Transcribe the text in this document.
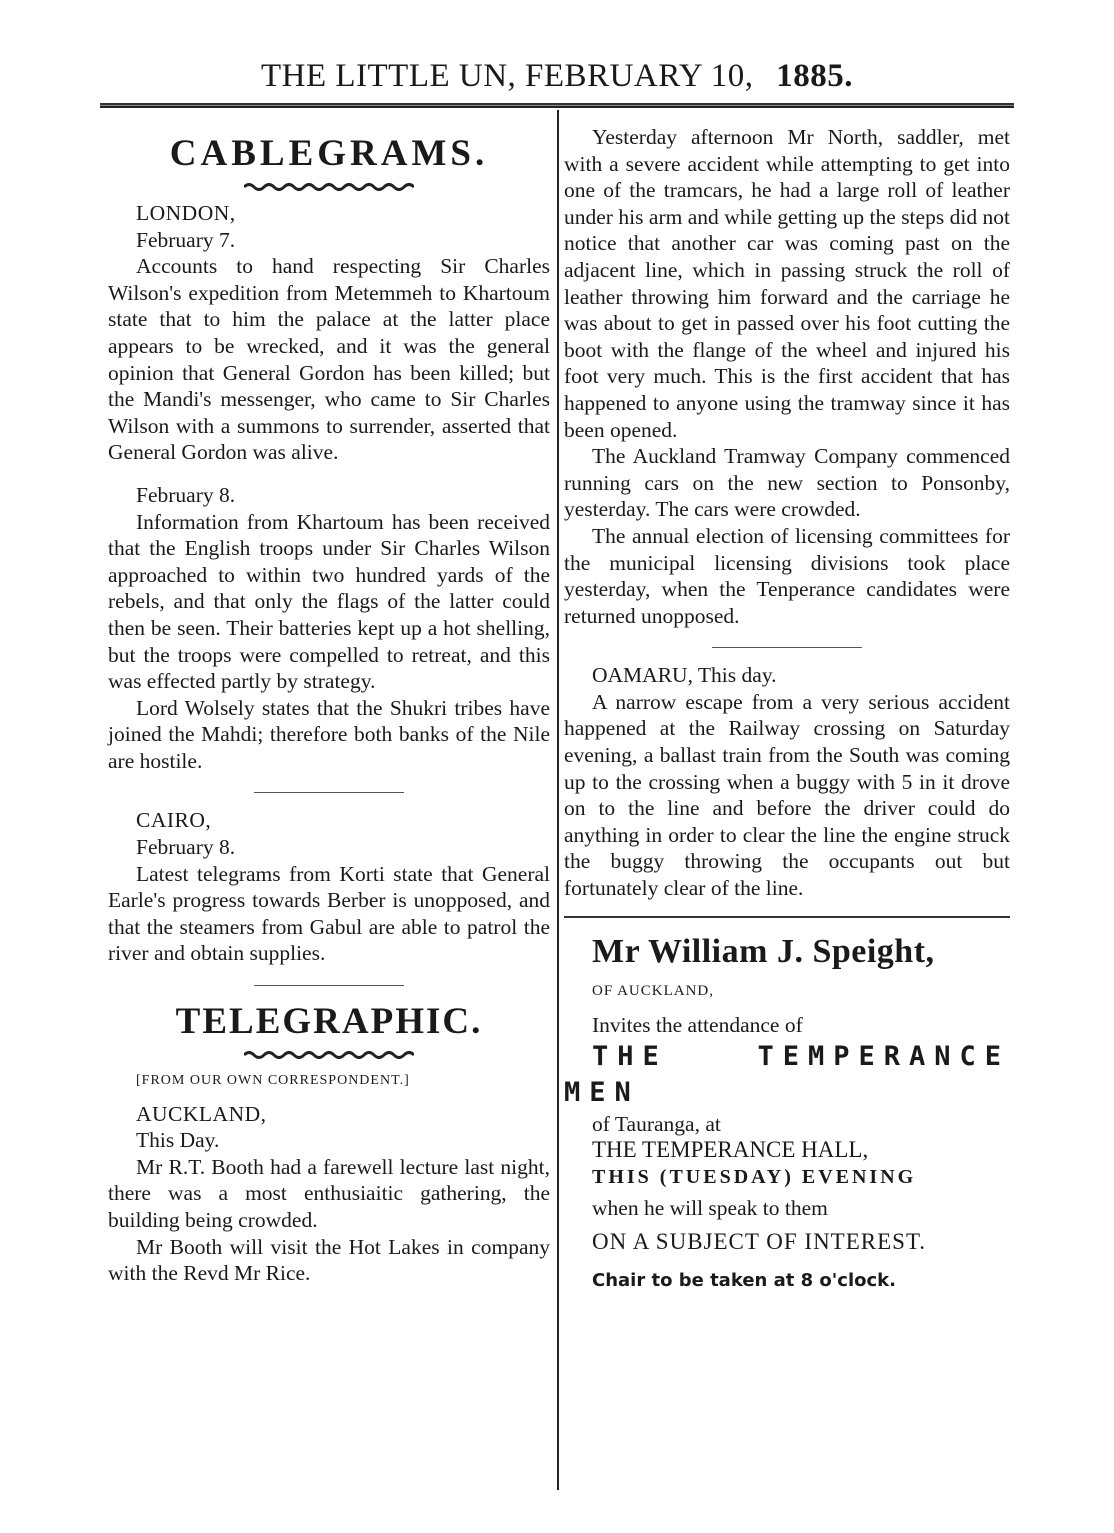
THE LITTLE UN, FEBRUARY 10, 1885.
CABLEGRAMS.

LONDON,

February 7.

Accounts to hand respecting Sir Charles Wilson's expedition from Metemmeh to Khartoum state that to him the palace at the latter place appears to be wrecked, and it was the general opinion that General Gordon has been killed; but the Mandi's messenger, who came to Sir Charles Wilson with a summons to surrender, asserted that General Gordon was alive.

February 8.

Information from Khartoum has been received that the English troops under Sir Charles Wilson approached to within two hundred yards of the rebels, and that only the flags of the latter could then be seen. Their batteries kept up a hot shelling, but the troops were compelled to retreat, and this was effected partly by strategy.

Lord Wolsely states that the Shukri tribes have joined the Mahdi; therefore both banks of the Nile are hostile.

CAIRO,

February 8.

Latest telegrams from Korti state that General Earle's progress towards Berber is unopposed, and that the steamers from Gabul are able to patrol the river and obtain supplies.

TELEGRAPHIC.

[FROM OUR OWN CORRESPONDENT.]

AUCKLAND,

This Day.

Mr R.T. Booth had a farewell lecture last night, there was a most enthusiaitic gathering, the building being crowded.

Mr Booth will visit the Hot Lakes in company with the Revd Mr Rice.

Yesterday afternoon Mr North, saddler, met with a severe accident while attempting to get into one of the tramcars, he had a large roll of leather under his arm and while getting up the steps did not notice that another car was coming past on the adjacent line, which in passing struck the roll of leather throwing him forward and the carriage he was about to get in passed over his foot cutting the boot with the flange of the wheel and injured his foot very much. This is the first accident that has happened to anyone using the tramway since it has been opened.

The Auckland Tramway Company commenced running cars on the new section to Ponsonby, yesterday. The cars were crowded.

The annual election of licensing committees for the municipal licensing divisions took place yesterday, when the Tenperance candidates were returned unopposed.

OAMARU, This day.

A narrow escape from a very serious accident happened at the Railway crossing on Saturday evening, a ballast train from the South was coming up to the crossing when a buggy with 5 in it drove on to the line and before the driver could do anything in order to clear the line the engine struck the buggy throwing the occupants out but fortunately clear of the line.

Mr William J. Speight,

OF AUCKLAND,

Invites the attendance of

THE TEMPERANCE MEN

of Tauranga, at

THE TEMPERANCE HALL,

THIS (TUESDAY) EVENING

when he will speak to them

ON A SUBJECT OF INTEREST.

Chair to be taken at 8 o'clock.
